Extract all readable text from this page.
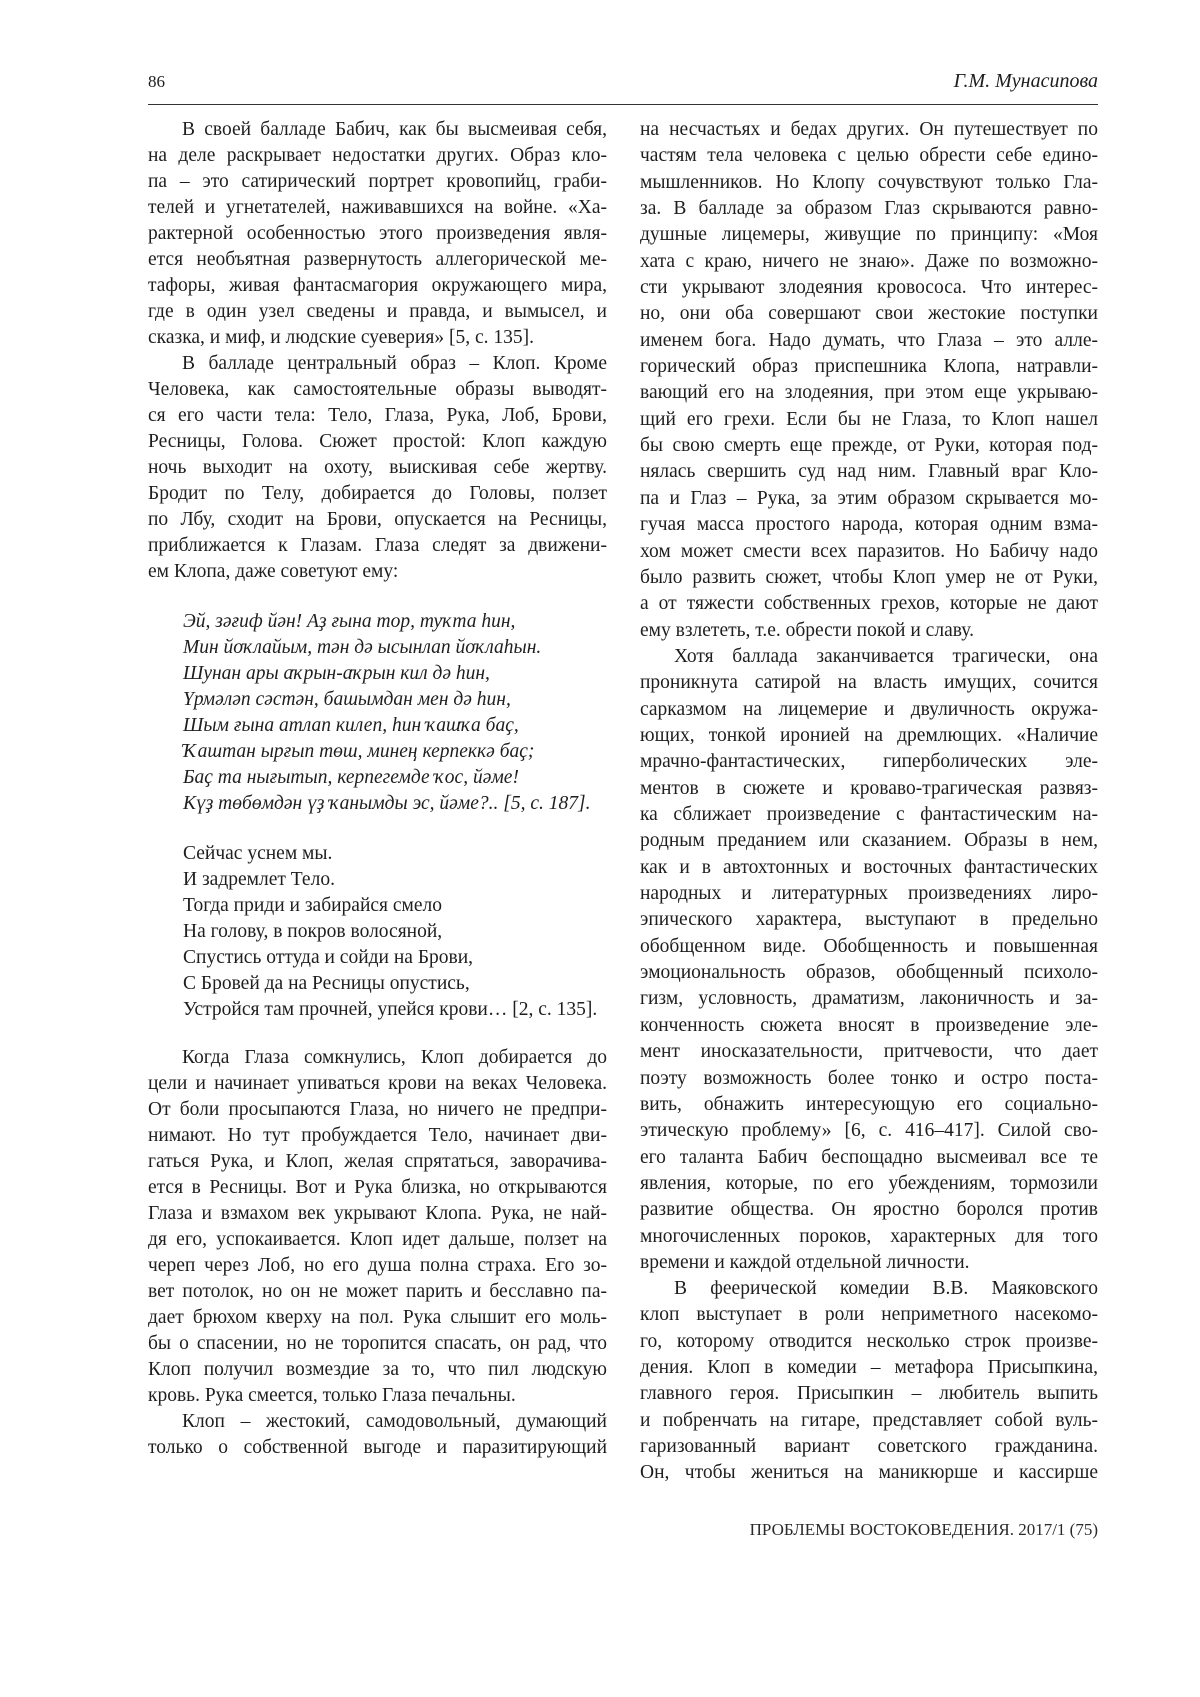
86	Г.М. Мунасипова
В своей балладе Бабич, как бы высмеивая себя,
на деле раскрывает недостатки других. Образ кло-
па – это сатирический портрет кровопийц, граби-
телей и угнетателей, наживавшихся на войне. «Ха-
рактерной особенностью этого произведения явля-
ется необъятная развернутость аллегорической ме-
тафоры, живая фантасмагория окружающего мира,
где в один узел сведены и правда, и вымысел, и
сказка, и миф, и людские суеверия» [5, с. 135].
В балладе центральный образ – Клоп. Кроме
Человека, как самостоятельные образы выводят-
ся его части тела: Тело, Глаза, Рука, Лоб, Брови,
Ресницы, Голова. Сюжет простой: Клоп каждую
ночь выходит на охоту, выискивая себе жертву.
Бродит по Телу, добирается до Головы, ползет
по Лбу, сходит на Брови, опускается на Ресницы,
приближается к Глазам. Глаза следят за движени-
ем Клопа, даже советуют ему:
Эй, зәғиф йән! Аҙ ғына тор, туҡта һин,
Мин йоҡлайым, тән дә ысынлап йоҡлаһын.
Шунан ары аҡрын-аҡрын кил дә һин,
Үрмәләп сәстән, башымдан мен дә һин,
Шым ғына атлап килеп, һин ҡашҡа баҫ,
Ҡаштан ырғып төш, минең керпеккә баҫ;
Баҫ та нығытып, керпегемде ҡос, йәме!
Күҙ төбөмдән үҙ ҡанымды эс, йәме?.. [5, с. 187].
Сейчас уснем мы.
И задремлет Тело.
Тогда приди и забирайся смело
На голову, в покров волосяной,
Спустись оттуда и сойди на Брови,
С Бровей да на Ресницы опустись,
Устройся там прочней, упейся крови… [2, с. 135].
Когда Глаза сомкнулись, Клоп добирается до
цели и начинает упиваться крови на веках Человека.
От боли просыпаются Глаза, но ничего не предпри-
нимают. Но тут пробуждается Тело, начинает дви-
гаться Рука, и Клоп, желая спрятаться, заворачива-
ется в Ресницы. Вот и Рука близка, но открываются
Глаза и взмахом век укрывают Клопа. Рука, не най-
дя его, успокаивается. Клоп идет дальше, ползет на
череп через Лоб, но его душа полна страха. Его зо-
вет потолок, но он не может парить и бесславно па-
дает брюхом кверху на пол. Рука слышит его моль-
бы о спасении, но не торопится спасать, он рад, что
Клоп получил возмездие за то, что пил людскую
кровь. Рука смеется, только Глаза печальны.
Клоп – жестокий, самодовольный, думающий
только о собственной выгоде и паразитирующий
на несчастьях и бедах других. Он путешествует по
частям тела человека с целью обрести себе едино-
мышленников. Но Клопу сочувствуют только Гла-
за. В балладе за образом Глаз скрываются равно-
душные лицемеры, живущие по принципу: «Моя
хата с краю, ничего не знаю». Даже по возможно-
сти укрывают злодеяния кровососа. Что интерес-
но, они оба совершают свои жестокие поступки
именем бога. Надо думать, что Глаза – это алле-
горический образ приспешника Клопа, натравли-
вающий его на злодеяния, при этом еще укрываю-
щий его грехи. Если бы не Глаза, то Клоп нашел
бы свою смерть еще прежде, от Руки, которая под-
нялась свершить суд над ним. Главный враг Кло-
па и Глаз – Рука, за этим образом скрывается мо-
гучая масса простого народа, которая одним взма-
хом может смести всех паразитов. Но Бабичу надо
было развить сюжет, чтобы Клоп умер не от Руки,
а от тяжести собственных грехов, которые не дают
ему взлететь, т.е. обрести покой и славу.
Хотя баллада заканчивается трагически, она
проникнута сатирой на власть имущих, сочится
сарказмом на лицемерие и двуличность окружа-
ющих, тонкой иронией на дремлющих. «Наличие
мрачно-фантастических, гиперболических эле-
ментов в сюжете и кроваво-трагическая развяз-
ка сближает произведение с фантастическим на-
родным преданием или сказанием. Образы в нем,
как и в автохтонных и восточных фантастических
народных и литературных произведениях лиро-
эпического характера, выступают в предельно
обобщенном виде. Обобщенность и повышенная
эмоциональность образов, обобщенный психоло-
гизм, условность, драматизм, лаконичность и за-
конченность сюжета вносят в произведение эле-
мент иносказательности, притчевости, что дает
поэту возможность более тонко и остро поста-
вить, обнажить интересующую его социально-
этическую проблему» [6, с. 416–417]. Силой сво-
его таланта Бабич беспощадно высмеивал все те
явления, которые, по его убеждениям, тормозили
развитие общества. Он яростно боролся против
многочисленных пороков, характерных для того
времени и каждой отдельной личности.
В феерической комедии В.В. Маяковского
клоп выступает в роли неприметного насекомо-
го, которому отводится несколько строк произве-
дения. Клоп в комедии – метафора Присыпкина,
главного героя. Присыпкин – любитель выпить
и побренчать на гитаре, представляет собой вуль-
гаризованный вариант советского гражданина.
Он, чтобы жениться на маникюрше и кассирше
ПРОБЛЕМЫ ВОСТОКОВЕДЕНИЯ. 2017/1 (75)
